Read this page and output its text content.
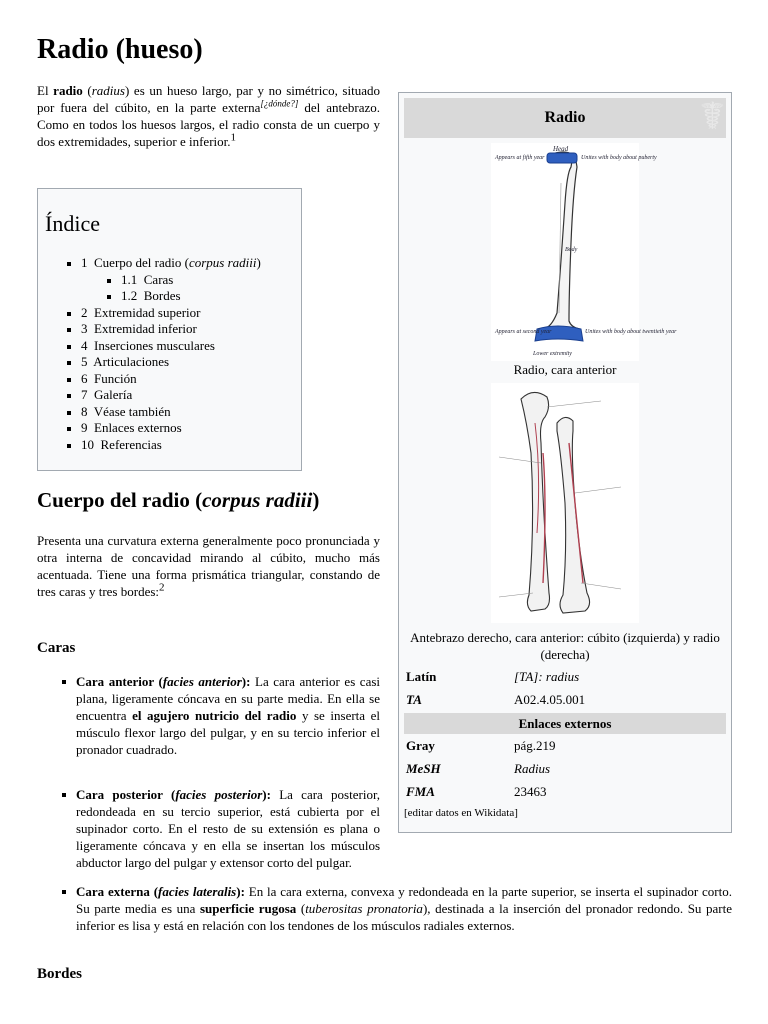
Radio (hueso)

El radio (radius) es un hueso largo, par y no simétrico, situado por fuera del cúbito, en la parte externa[¿dónde?] del antebrazo. Como en todos los huesos largos, el radio consta de un cuerpo y dos extremidades, superior e inferior.$^1$

Índice
1 Cuerpo del radio (corpus radiii)
1.1 Caras
1.2 Bordes
2 Extremidad superior
3 Extremidad inferior
4 Inserciones musculares
5 Articulaciones
6 Función
7 Galería
8 Véase también
9 Enlaces externos
10 Referencias
Radio	☤
Head
Appears at fifth year	Unites with body about puberty
Body
Appears at second year	Unites with body about twentieth year
Lower extremity
Radio, cara anterior
Antebrazo derecho, cara anterior: cúbito (izquierda) y radio (derecha)
Latín	[TA]: radius
TA	A02.4.05.001
Enlaces externos
Gray	pág.219
MeSH	Radius
FMA	23463
[editar datos en Wikidata]
Cuerpo del radio (corpus radiii)

Presenta una curvatura externa generalmente poco pronunciada y otra interna de concavidad mirando al cúbito, mucho más acentuada. Tiene una forma prismática triangular, constando de tres caras y tres bordes:$^2$

Caras

Cara anterior (facies anterior): La cara anterior es casi plana, ligeramente cóncava en su parte media. En ella se encuentra el agujero nutricio del radio y se inserta el músculo flexor largo del pulgar, y en su tercio inferior el pronador cuadrado.

Cara posterior (facies posterior): La cara posterior, redondeada en su tercio superior, está cubierta por el supinador corto. En el resto de su extensión es plana o ligeramente cóncava y en ella se insertan los músculos abductor largo del pulgar y extensor corto del pulgar.

Cara externa (facies lateralis): En la cara externa, convexa y redondeada en la parte superior, se inserta el supinador corto. Su parte media es una superficie rugosa (tuberositas pronatoria), destinada a la inserción del pronador redondo. Su parte inferior es lisa y está en relación con los tendones de los músculos radiales externos.

Bordes
